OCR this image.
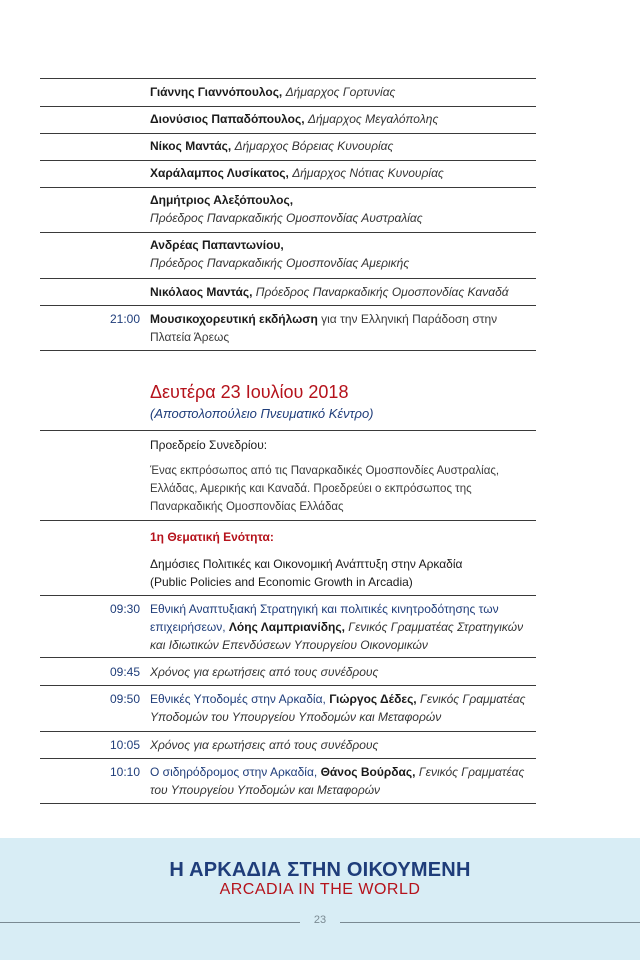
Γιάννης Γιαννόπουλος, Δήμαρχος Γορτυνίας
Διονύσιος Παπαδόπουλος, Δήμαρχος Μεγαλόπολης
Νίκος Μαντάς, Δήμαρχος Βόρειας Κυνουρίας
Χαράλαμπος Λυσίκατος, Δήμαρχος Νότιας Κυνουρίας
Δημήτριος Αλεξόπουλος,
Πρόεδρος Παναρκαδικής Ομοσπονδίας Αυστραλίας
Ανδρέας Παπαντωνίου,
Πρόεδρος Παναρκαδικής Ομοσπονδίας Αμερικής
Νικόλαος Μαντάς, Πρόεδρος Παναρκαδικής Ομοσπονδίας Καναδά
21:00 Μουσικοχορευτική εκδήλωση για την Ελληνική Παράδοση στην
Πλατεία Άρεως
Δευτέρα 23 Ιουλίου 2018
(Αποστολοπούλειο Πνευματικό Κέντρο)
Προεδρείο Συνεδρίου:
Ένας εκπρόσωπος από τις Παναρκαδικές Ομοσπονδίες Αυστραλίας,
Ελλάδας, Αμερικής και Καναδά. Προεδρεύει ο εκπρόσωπος της
Παναρκαδικής Ομοσπονδίας Ελλάδας
1η Θεματική Ενότητα:
Δημόσιες Πολιτικές και Οικονομική Ανάπτυξη στην Αρκαδία
(Public Policies and Economic Growth in Arcadia)
09:30 Εθνική Αναπτυξιακή Στρατηγική και πολιτικές κινητροδότησης των
επιχειρήσεων, Λόης Λαμπριανίδης, Γενικός Γραμματέας Στρατηγικών
και Ιδιωτικών Επενδύσεων Υπουργείου Οικονομικών
09:45 Χρόνος για ερωτήσεις από τους συνέδρους
09:50 Εθνικές Υποδομές στην Αρκαδία, Γιώργος Δέδες, Γενικός Γραμματέας
Υποδομών του Υπουργείου Υποδομών και Μεταφορών
10:05 Χρόνος για ερωτήσεις από τους συνέδρους
10:10 Ο σιδηρόδρομος στην Αρκαδία, Θάνος Βούρδας, Γενικός Γραμματέας
του Υπουργείου Υποδομών και Μεταφορών
Η ΑΡΚΑΔΙΑ ΣΤΗΝ ΟΙΚΟΥΜΕΝΗ
ARCADIA IN THE WORLD
23
